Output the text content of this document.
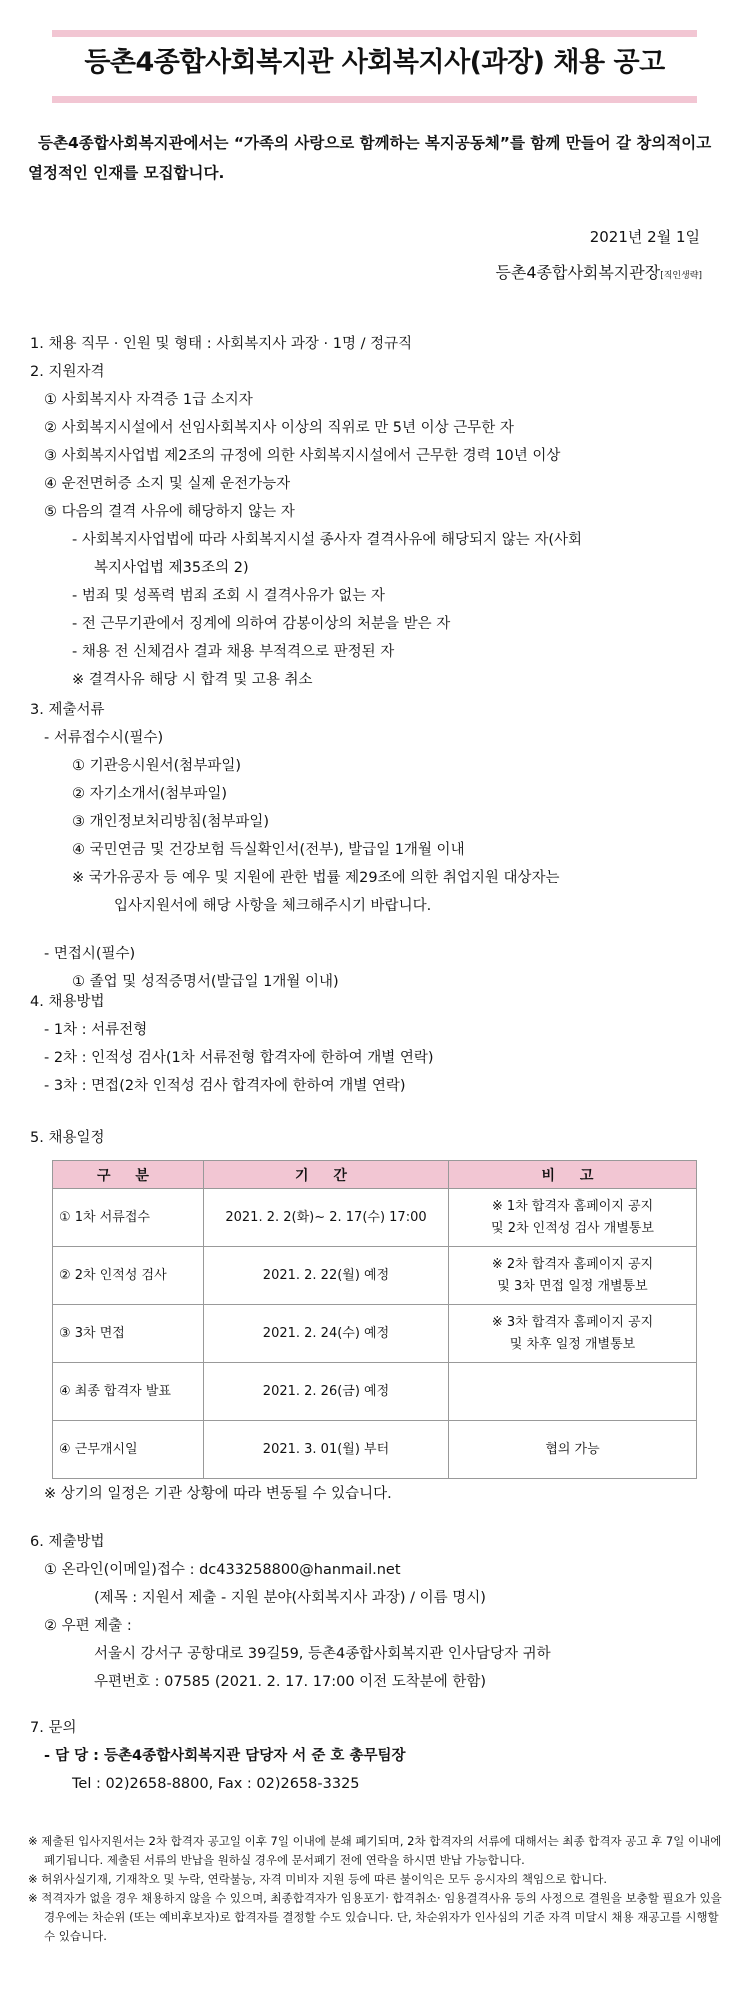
등촌4종합사회복지관 사회복지사(과장) 채용 공고
등촌4종합사회복지관에서는 “가족의 사랑으로 함께하는 복지공동체”를 함께 만들어 갈 창의적이고 열정적인 인재를 모집합니다.
2021년 2월 1일
등촌4종합사회복지관장[직인생략]
1. 채용 직무 · 인원 및 형태 : 사회복지사 과장 · 1명 / 정규직
2. 지원자격
① 사회복지사 자격증 1급 소지자
② 사회복지시설에서 선임사회복지사 이상의 직위로 만 5년 이상 근무한 자
③ 사회복지사업법 제2조의 규정에 의한 사회복지시설에서 근무한 경력 10년 이상
④ 운전면허증 소지 및 실제 운전가능자
⑤ 다음의 결격 사유에 해당하지 않는 자
- 사회복지사업법에 따라 사회복지시설 종사자 결격사유에 해당되지 않는 자(사회
복지사업법 제35조의 2)
- 범죄 및 성폭력 범죄 조회 시 결격사유가 없는 자
- 전 근무기관에서 징계에 의하여 감봉이상의 처분을 받은 자
- 채용 전 신체검사 결과 채용 부적격으로 판정된 자
※ 결격사유 해당 시 합격 및 고용 취소
3. 제출서류
- 서류접수시(필수)
① 기관응시원서(첨부파일)
② 자기소개서(첨부파일)
③ 개인정보처리방침(첨부파일)
④ 국민연금 및 건강보험 득실확인서(전부), 발급일 1개월 이내
※ 국가유공자 등 예우 및 지원에 관한 법률 제29조에 의한 취업지원 대상자는
입사지원서에 해당 사항을 체크해주시기 바랍니다.
- 면접시(필수)
① 졸업 및 성적증명서(발급일 1개월 이내)
4. 채용방법
- 1차 : 서류전형
- 2차 : 인적성 검사(1차 서류전형 합격자에 한하여 개별 연락)
- 3차 : 면접(2차 인적성 검사 합격자에 한하여 개별 연락)
5. 채용일정
구 분	기 간	비 고
① 1차 서류접수	2021. 2. 2(화)~ 2. 17(수) 17:00	※ 1차 합격자 홈페이지 공지
및 2차 인적성 검사 개별통보

② 2차 인적성 검사	2021. 2. 22(월) 예정	※ 2차 합격자 홈페이지 공지
및 3차 면접 일정 개별통보

③ 3차 면접	2021. 2. 24(수) 예정	※ 3차 합격자 홈페이지 공지
및 차후 일정 개별통보

④ 최종 합격자 발표	2021. 2. 26(금) 예정	
④ 근무개시일	2021. 3. 01(월) 부터	협의 가능
※ 상기의 일정은 기관 상황에 따라 변동될 수 있습니다.
6. 제출방법
① 온라인(이메일)접수 : dc433258800@hanmail.net
(제목 : 지원서 제출 - 지원 분야(사회복지사 과장) / 이름 명시)
② 우편 제출 :
서울시 강서구 공항대로 39길59, 등촌4종합사회복지관 인사담당자 귀하
우편번호 : 07585 (2021. 2. 17. 17:00 이전 도착분에 한함)
7. 문의
- 담 당 : 등촌4종합사회복지관 담당자 서 준 호 총무팀장
Tel : 02)2658-8800, Fax : 02)2658-3325
※ 제출된 입사지원서는 2차 합격자 공고일 이후 7일 이내에 분쇄 폐기되며, 2차 합격자의 서류에 대해서는 최종 합격자 공고 후 7일 이내에 폐기됩니다. 제출된 서류의 반납을 원하실 경우에 문서폐기 전에 연락을 하시면 반납 가능합니다.
※ 허위사실기재, 기재착오 및 누락, 연락불능, 자격 미비자 지원 등에 따른 불이익은 모두 응시자의 책임으로 합니다.
※ 적격자가 없을 경우 채용하지 않을 수 있으며, 최종합격자가 임용포기· 합격취소· 임용결격사유 등의 사정으로 결원을 보충할 필요가 있을 경우에는 차순위 (또는 예비후보자)로 합격자를 결정할 수도 있습니다. 단, 차순위자가 인사심의 기준 자격 미달시 채용 재공고를 시행할 수 있습니다.
